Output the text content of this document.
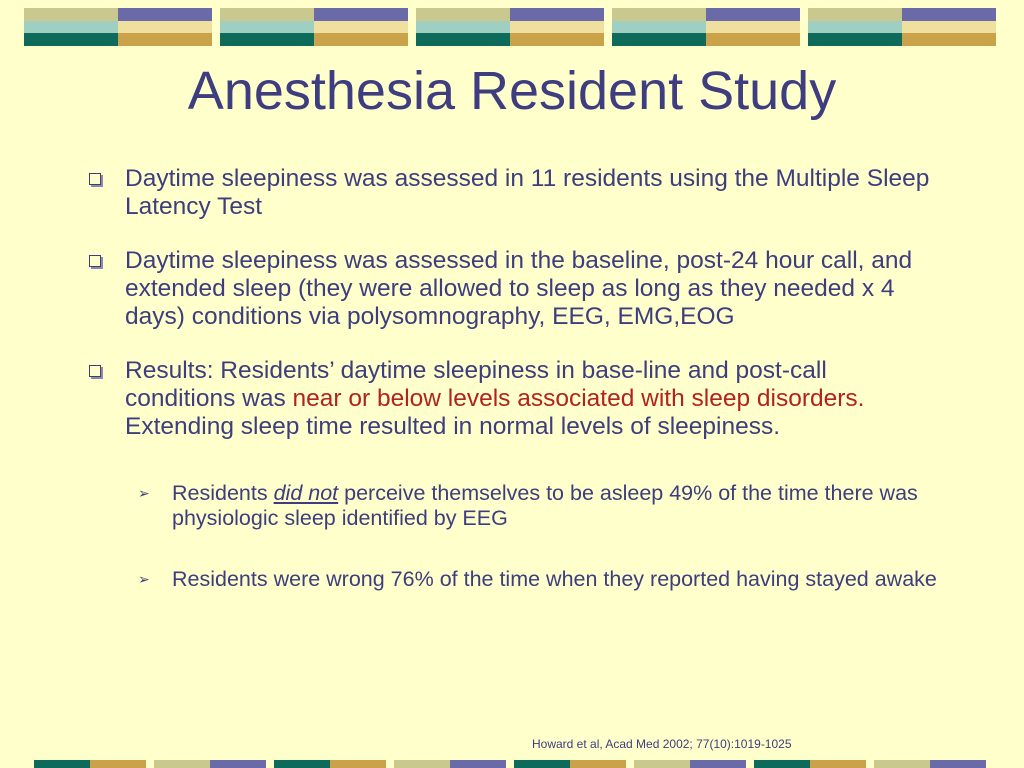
Anesthesia Resident Study
Daytime sleepiness was assessed in 11 residents using the Multiple Sleep Latency Test
Daytime sleepiness was assessed in the baseline, post-24 hour call, and extended sleep (they were allowed to sleep as long as they needed x 4 days) conditions via polysomnography, EEG, EMG,EOG
Results: Residents’ daytime sleepiness in base-line and post-call conditions was near or below levels associated with sleep disorders. Extending sleep time resulted in normal levels of sleepiness.
➢ Residents did not perceive themselves to be asleep 49% of the time there was physiologic sleep identified by EEG
➢ Residents were wrong 76% of the time when they reported having stayed awake
Howard et al, Acad Med 2002; 77(10):1019-1025
